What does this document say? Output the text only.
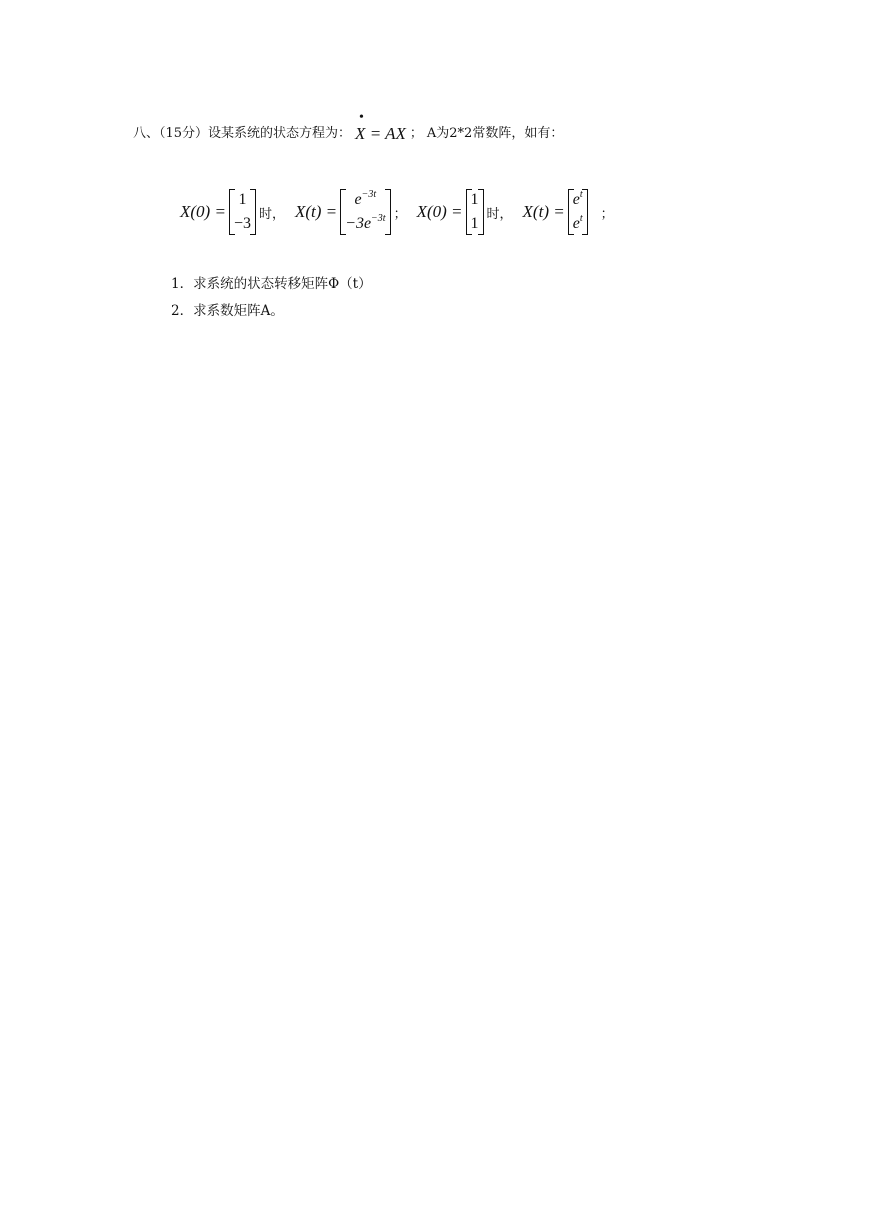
八、（15分）设某系统的状态方程为：
•
X = AX ； A为2*2常数阵，如有：
X(0) =
1
−3
时， X(t) =
$e^{-3t}$
$-3e^{-3t}$ ； X(0) =
1
1
时， X(t) =
$e^t$
$e^t$ ；
1．求系统的状态转移矩阵Φ（t）
2．求系数矩阵A。
